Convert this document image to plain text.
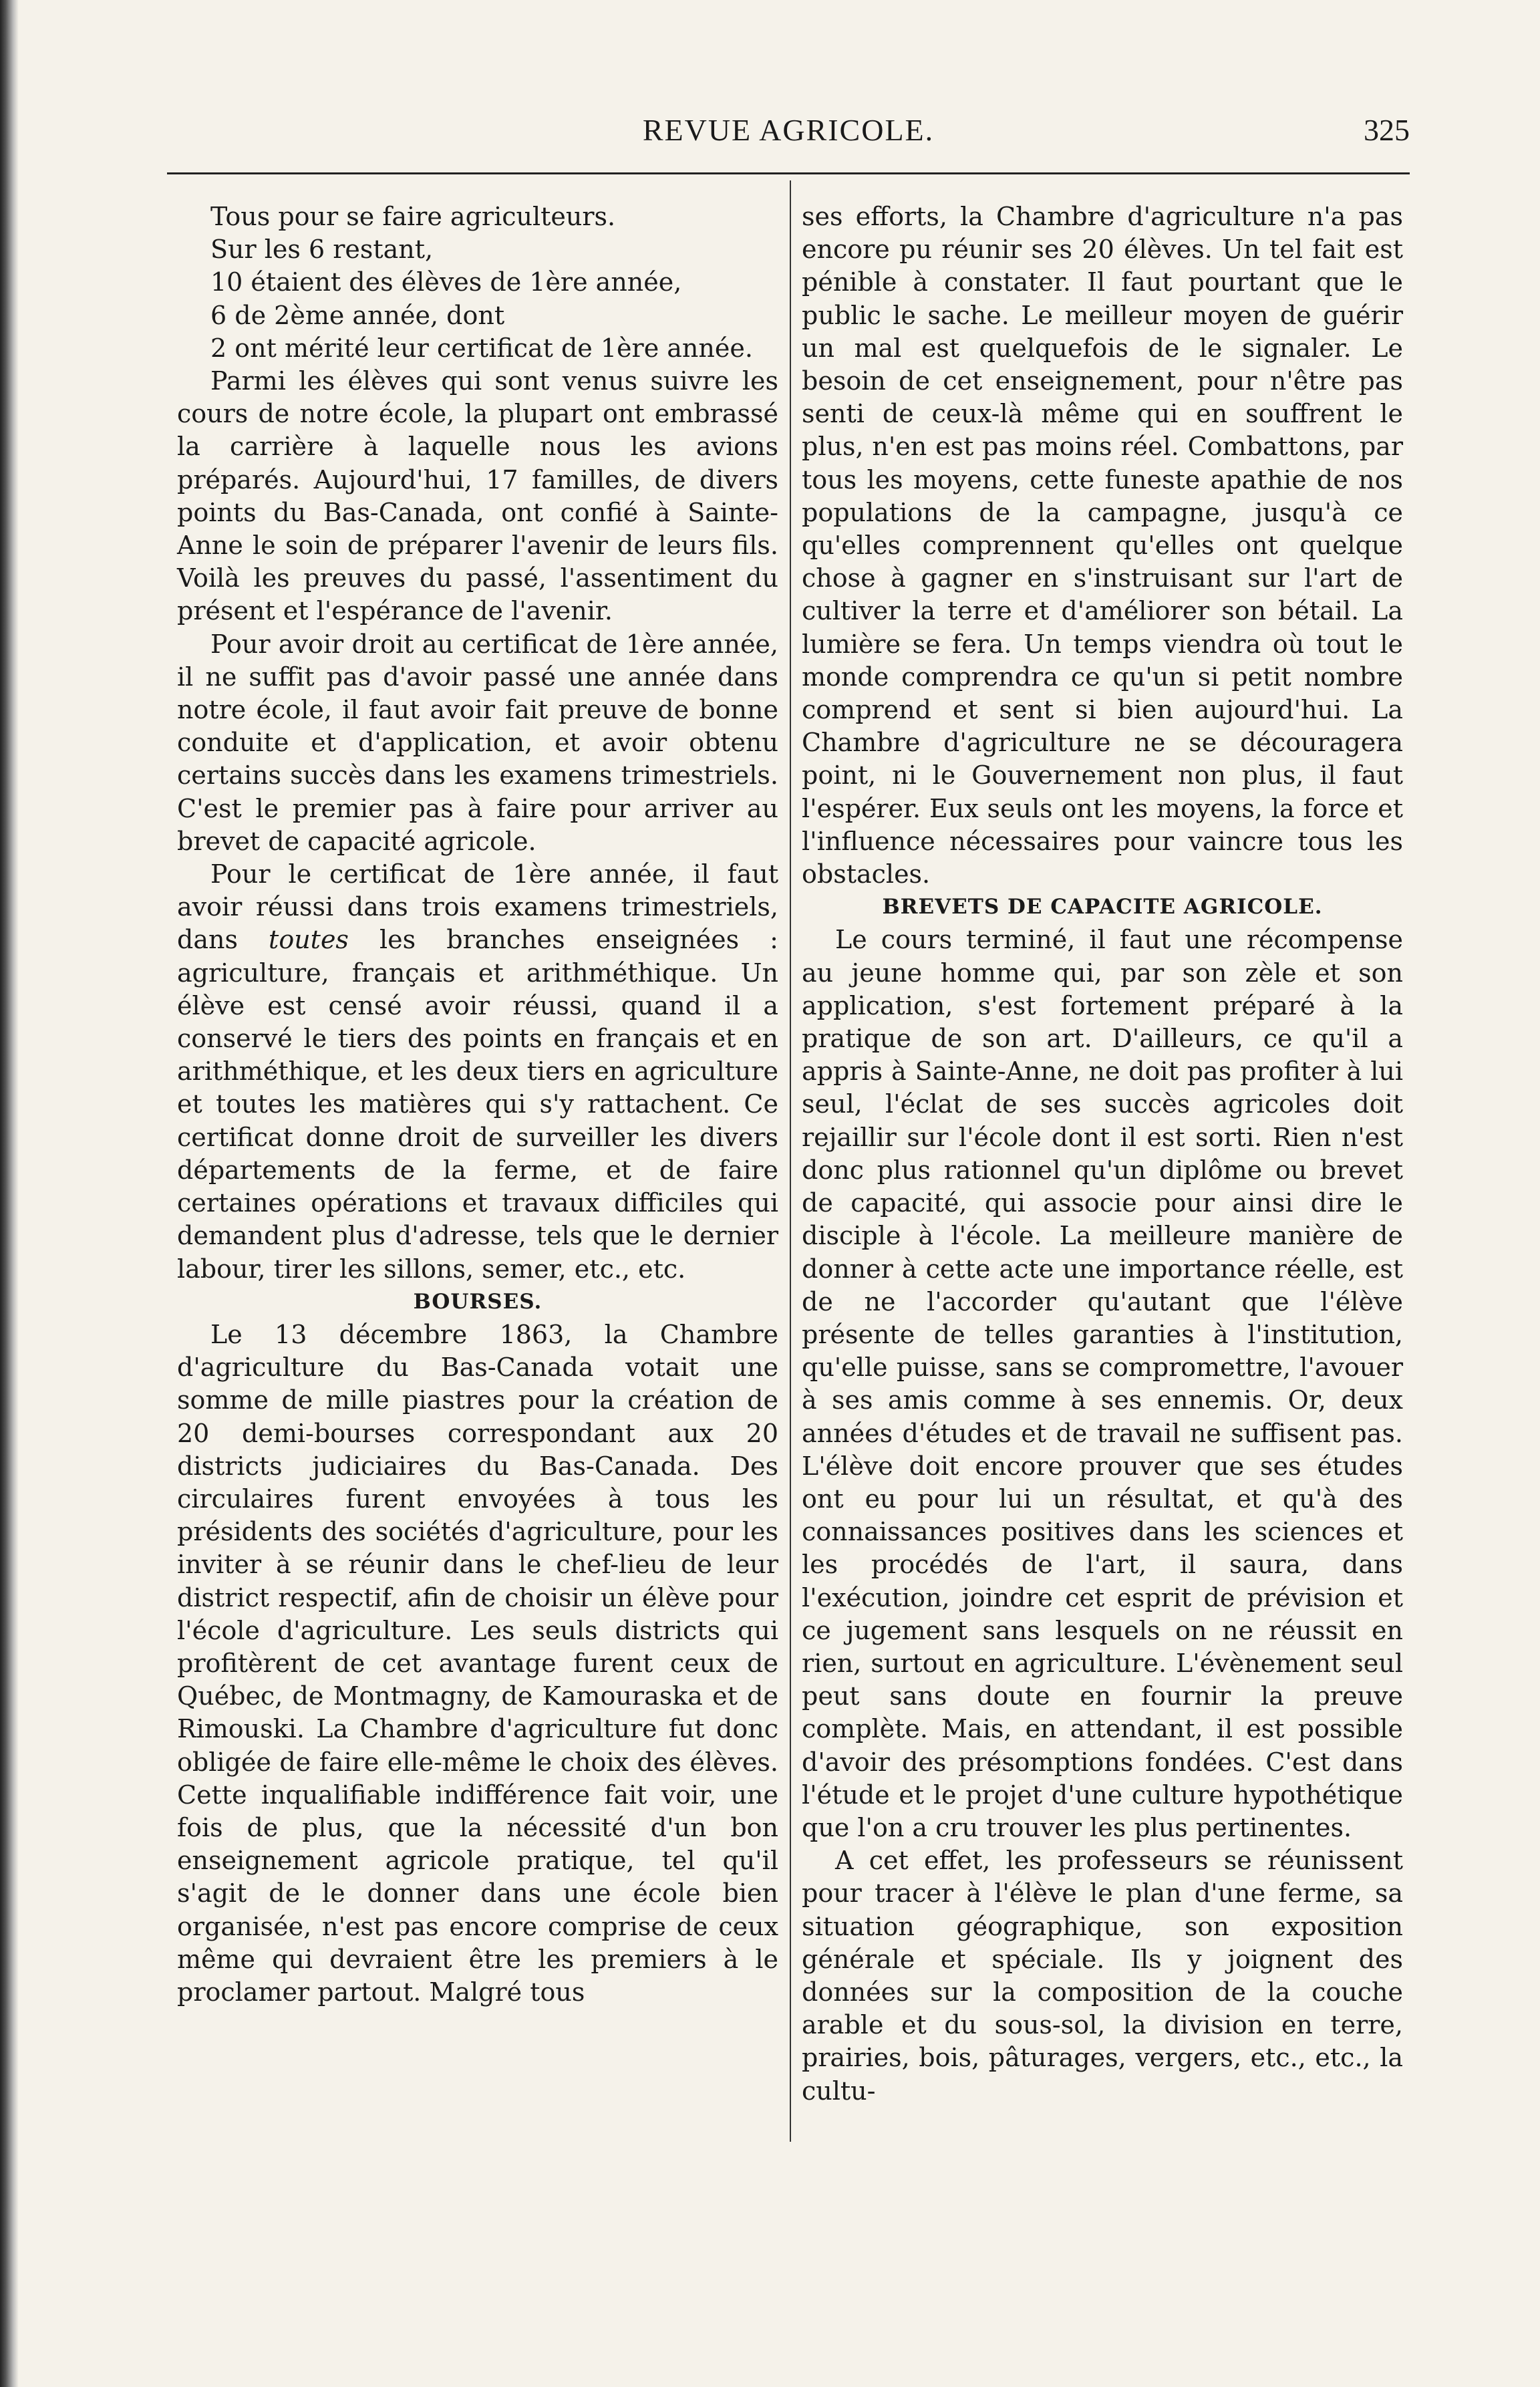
REVUE AGRICOLE.	325

Tous pour se faire agriculteurs.

Sur les 6 restant,

10 étaient des élèves de 1ère année,

6 de 2ème année, dont

2 ont mérité leur certificat de 1ère année.

Parmi les élèves qui sont venus suivre les cours de notre école, la plupart ont embrassé la carrière à laquelle nous les avions préparés. Aujourd'hui, 17 familles, de divers points du Bas-Canada, ont confié à Sainte-Anne le soin de préparer l'avenir de leurs fils. Voilà les preuves du passé, l'assentiment du présent et l'espérance de l'avenir.

Pour avoir droit au certificat de 1ère année, il ne suffit pas d'avoir passé une année dans notre école, il faut avoir fait preuve de bonne conduite et d'application, et avoir obtenu certains succès dans les examens trimestriels. C'est le premier pas à faire pour arriver au brevet de capacité agricole.

Pour le certificat de 1ère année, il faut avoir réussi dans trois examens trimestriels, dans toutes les branches enseignées : agriculture, français et arithméthique. Un élève est censé avoir réussi, quand il a conservé le tiers des points en français et en arithméthique, et les deux tiers en agriculture et toutes les matières qui s'y rattachent. Ce certificat donne droit de surveiller les divers départements de la ferme, et de faire certaines opérations et travaux difficiles qui demandent plus d'adresse, tels que le dernier labour, tirer les sillons, semer, etc., etc.

BOURSES.

Le 13 décembre 1863, la Chambre d'agriculture du Bas-Canada votait une somme de mille piastres pour la création de 20 demi-bourses correspondant aux 20 districts judiciaires du Bas-Canada. Des circulaires furent envoyées à tous les présidents des sociétés d'agriculture, pour les inviter à se réunir dans le chef-lieu de leur district respectif, afin de choisir un élève pour l'école d'agriculture. Les seuls districts qui profitèrent de cet avantage furent ceux de Québec, de Montmagny, de Kamouraska et de Rimouski. La Chambre d'agriculture fut donc obligée de faire elle-même le choix des élèves. Cette inqualifiable indifférence fait voir, une fois de plus, que la nécessité d'un bon enseignement agricole pratique, tel qu'il s'agit de le donner dans une école bien organisée, n'est pas encore comprise de ceux même qui devraient être les premiers à le proclamer partout. Malgré tous

ses efforts, la Chambre d'agriculture n'a pas encore pu réunir ses 20 élèves. Un tel fait est pénible à constater. Il faut pourtant que le public le sache. Le meilleur moyen de guérir un mal est quelquefois de le signaler. Le besoin de cet enseignement, pour n'être pas senti de ceux-là même qui en souffrent le plus, n'en est pas moins réel. Combattons, par tous les moyens, cette funeste apathie de nos populations de la campagne, jusqu'à ce qu'elles comprennent qu'elles ont quelque chose à gagner en s'instruisant sur l'art de cultiver la terre et d'améliorer son bétail. La lumière se fera. Un temps viendra où tout le monde comprendra ce qu'un si petit nombre comprend et sent si bien aujourd'hui. La Chambre d'agriculture ne se découragera point, ni le Gouvernement non plus, il faut l'espérer. Eux seuls ont les moyens, la force et l'influence nécessaires pour vaincre tous les obstacles.

BREVETS DE CAPACITE AGRICOLE.

Le cours terminé, il faut une récompense au jeune homme qui, par son zèle et son application, s'est fortement préparé à la pratique de son art. D'ailleurs, ce qu'il a appris à Sainte-Anne, ne doit pas profiter à lui seul, l'éclat de ses succès agricoles doit rejaillir sur l'école dont il est sorti. Rien n'est donc plus rationnel qu'un diplôme ou brevet de capacité, qui associe pour ainsi dire le disciple à l'école. La meilleure manière de donner à cette acte une importance réelle, est de ne l'accorder qu'autant que l'élève présente de telles garanties à l'institution, qu'elle puisse, sans se compromettre, l'avouer à ses amis comme à ses ennemis. Or, deux années d'études et de travail ne suffisent pas. L'élève doit encore prouver que ses études ont eu pour lui un résultat, et qu'à des connaissances positives dans les sciences et les procédés de l'art, il saura, dans l'exécution, joindre cet esprit de prévision et ce jugement sans lesquels on ne réussit en rien, surtout en agriculture. L'évènement seul peut sans doute en fournir la preuve complète. Mais, en attendant, il est possible d'avoir des présomptions fondées. C'est dans l'étude et le projet d'une culture hypothétique que l'on a cru trouver les plus pertinentes.

A cet effet, les professeurs se réunissent pour tracer à l'élève le plan d'une ferme, sa situation géographique, son exposition générale et spéciale. Ils y joignent des données sur la composition de la couche arable et du sous-sol, la division en terre, prairies, bois, pâturages, vergers, etc., etc., la cultu-
